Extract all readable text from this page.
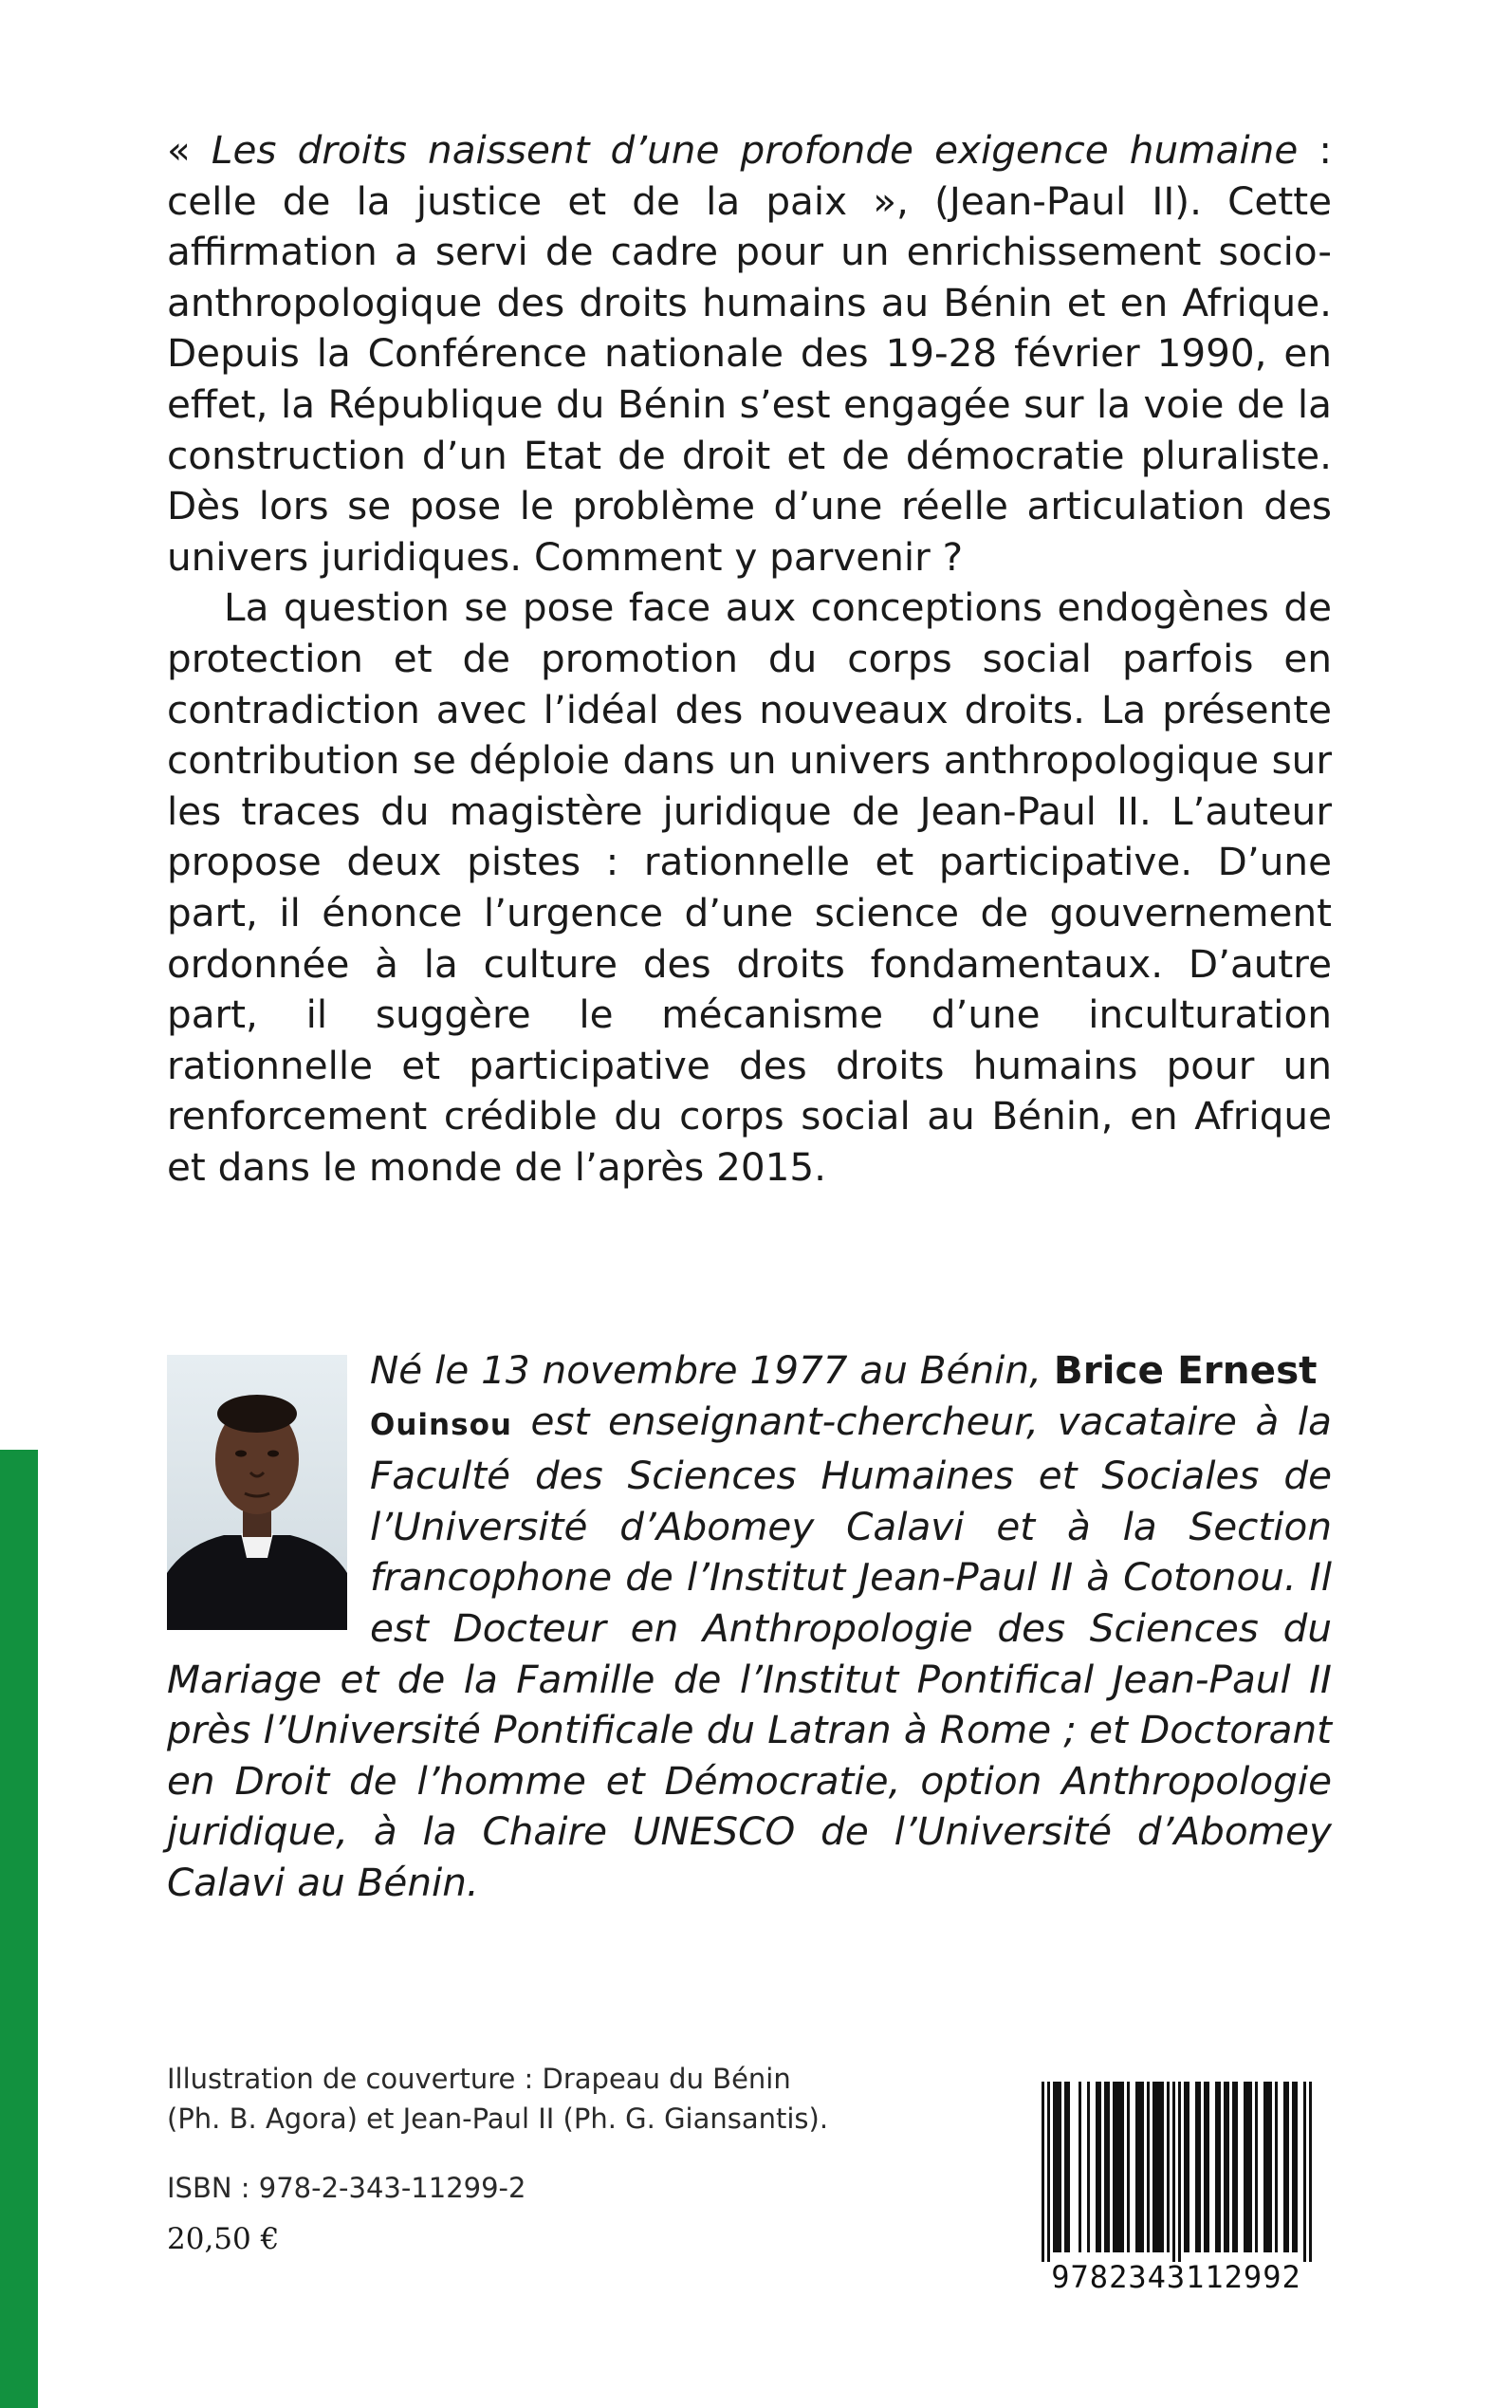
« Les droits naissent d’une profonde exigence humaine : celle de la justice et de la paix », (Jean-Paul II). Cette affirmation a servi de cadre pour un enrichissement socio-anthropologique des droits humains au Bénin et en Afrique. Depuis la Conférence nationale des 19-28 février 1990, en effet, la République du Bénin s’est engagée sur la voie de la construction d’un Etat de droit et de démocratie pluraliste. Dès lors se pose le problème d’une réelle articulation des univers juridiques. Comment y parvenir ?

La question se pose face aux conceptions endogènes de protection et de promotion du corps social parfois en contradiction avec l’idéal des nouveaux droits. La présente contribution se déploie dans un univers anthropologique sur les traces du magistère juridique de Jean-Paul II. L’auteur propose deux pistes : rationnelle et participative. D’une part, il énonce l’urgence d’une science de gouvernement ordonnée à la culture des droits fondamentaux. D’autre part, il suggère le mécanisme d’une inculturation rationnelle et participative des droits humains pour un renforcement crédible du corps social au Bénin, en Afrique et dans le monde de l’après 2015.

Né le 13 novembre 1977 au Bénin, Brice Ernest
Ouinsou est enseignant-chercheur, vacataire à la Faculté des Sciences Humaines et Sociales de l’Université d’Abomey Calavi et à la Section francophone de l’Institut Jean-Paul II à Cotonou. Il est Docteur en Anthropologie des Sciences du Mariage et de la Famille de l’Institut Pontifical Jean-Paul II près l’Université Pontificale du Latran à Rome ; et Doctorant en Droit de l’homme et Démocratie, option Anthropologie juridique, à la Chaire UNESCO de l’Université d’Abomey Calavi au Bénin.
Illustration de couverture : Drapeau du Bénin
(Ph. B. Agora) et Jean-Paul II (Ph. G. Giansantis).
ISBN : 978-2-343-11299-2
20,50 €
9782343112992
